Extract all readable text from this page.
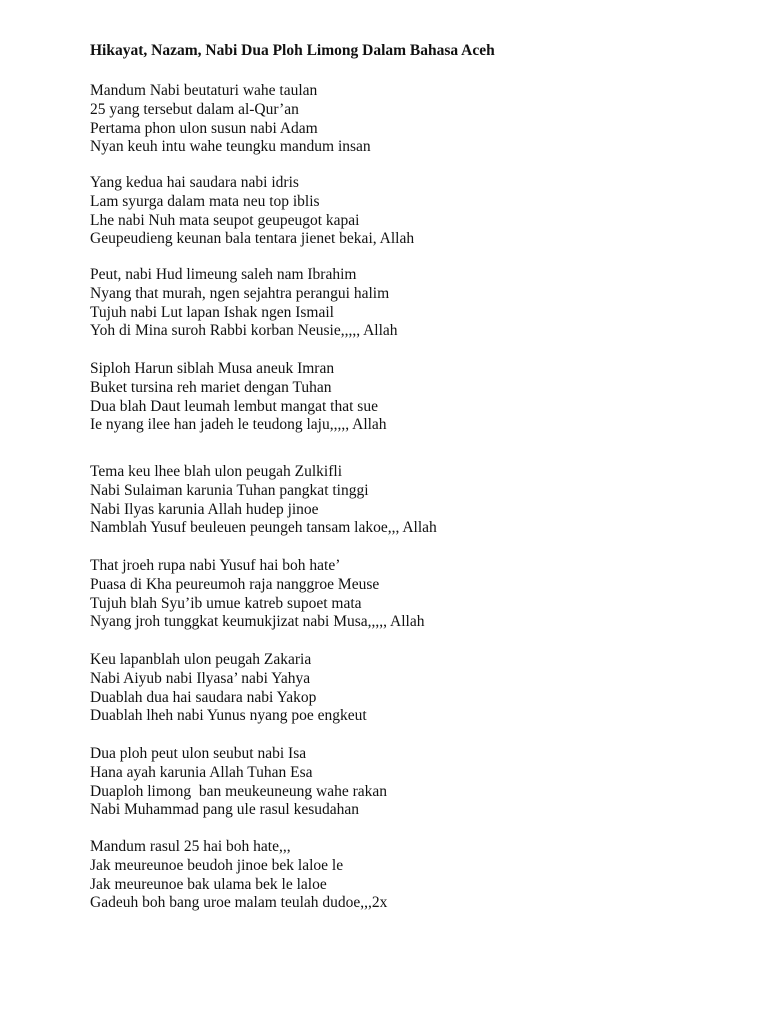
Hikayat, Nazam, Nabi Dua Ploh Limong Dalam Bahasa Aceh
Mandum Nabi beutaturi wahe taulan
25 yang tersebut dalam al-Qur’an
Pertama phon ulon susun nabi Adam
Nyan keuh intu wahe teungku mandum insan
Yang kedua hai saudara nabi idris
Lam syurga dalam mata neu top iblis
Lhe nabi Nuh mata seupot geupeugot kapai
Geupeudieng keunan bala tentara jienet bekai, Allah
Peut, nabi Hud limeung saleh nam Ibrahim
Nyang that murah, ngen sejahtra perangui halim
Tujuh nabi Lut lapan Ishak ngen Ismail
Yoh di Mina suroh Rabbi korban Neusie,,,,, Allah
Siploh Harun siblah Musa aneuk Imran
Buket tursina reh mariet dengan Tuhan
Dua blah Daut leumah lembut mangat that sue
Ie nyang ilee han jadeh le teudong laju,,,,, Allah
Tema keu lhee blah ulon peugah Zulkifli
Nabi Sulaiman karunia Tuhan pangkat tinggi
Nabi Ilyas karunia Allah hudep jinoe
Namblah Yusuf beuleuen peungeh tansam lakoe,,, Allah
That jroeh rupa nabi Yusuf hai boh hate’
Puasa di Kha peureumoh raja nanggroe Meuse
Tujuh blah Syu’ib umue katreb supoet mata
Nyang jroh tunggkat keumukjizat nabi Musa,,,,, Allah
Keu lapanblah ulon peugah Zakaria
Nabi Aiyub nabi Ilyasa’ nabi Yahya
Duablah dua hai saudara nabi Yakop
Duablah lheh nabi Yunus nyang poe engkeut
Dua ploh peut ulon seubut nabi Isa
Hana ayah karunia Allah Tuhan Esa
Duaploh limong  ban meukeuneung wahe rakan
Nabi Muhammad pang ule rasul kesudahan
Mandum rasul 25 hai boh hate,,,
Jak meureunoe beudoh jinoe bek laloe le
Jak meureunoe bak ulama bek le laloe
Gadeuh boh bang uroe malam teulah dudoe,,,2x
